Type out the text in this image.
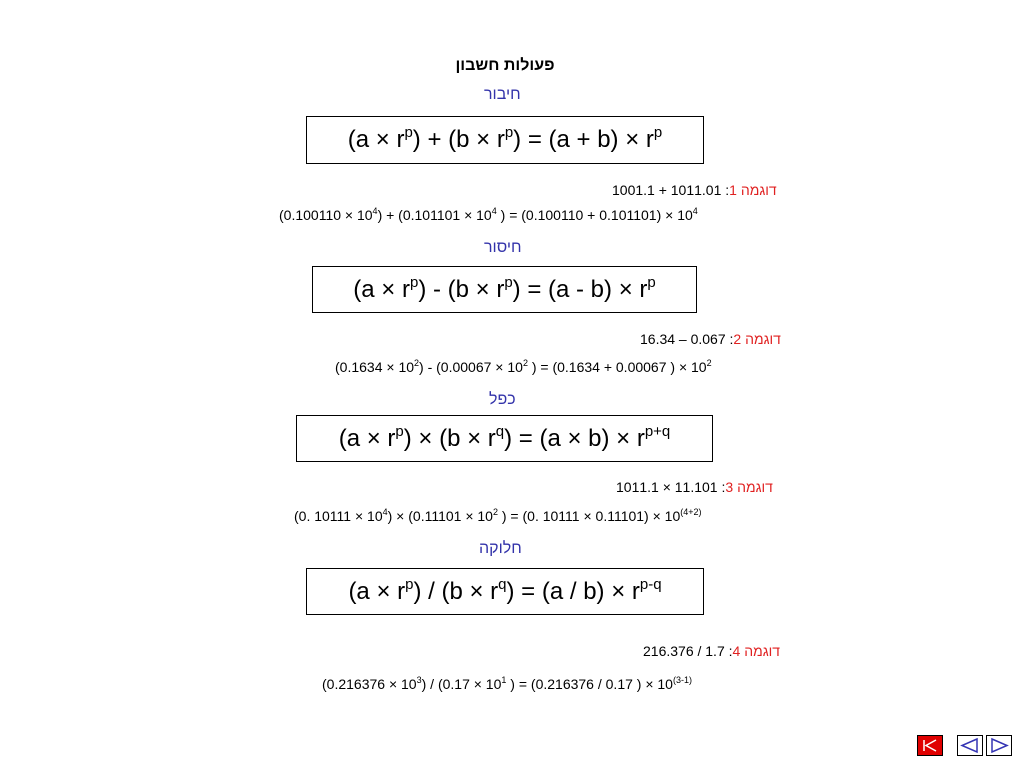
פעולות חשבון
חיבור
$(a \times r^p) + (b \times r^p) = (a + b) \times r^p$
1001.1 + 1011.01 :דוגמה 1
$(0.100110 \times 10^4) + (0.101101 \times 10^4$ ) = $(0.100110 + 0.101101) \times 10^4$
חיסור
$(a \times r^p) - (b \times r^p) = (a - b) \times r^p$
16.34 – 0.067 :דוגמה 2
$(0.1634 \times 10^2) - (0.00067 \times 10^2$ ) = (0.1634 + 0.00067 ) × $10^2$
כפל
$(a \times r^p) \times (b \times r^q) = (a \times b) \times r^{p+q}$
1011.1 × 11.101 :דוגמה 3
(0. $10111 \times 10^4) \times (0.11101 \times 10^2$ ) = (0. $10111 \times 0.11101) \times 10^{(4+2)}$
חלוקה
$(a \times r^p) / (b \times r^q) = (a / b) \times r^{p-q}$
216.376 / 1.7 :דוגמה 4
$(0.216376 \times 10^3) / (0.17 \times 10^1$ ) = (0.216376 / 0.17 ) × $10^{(3-1)}$
